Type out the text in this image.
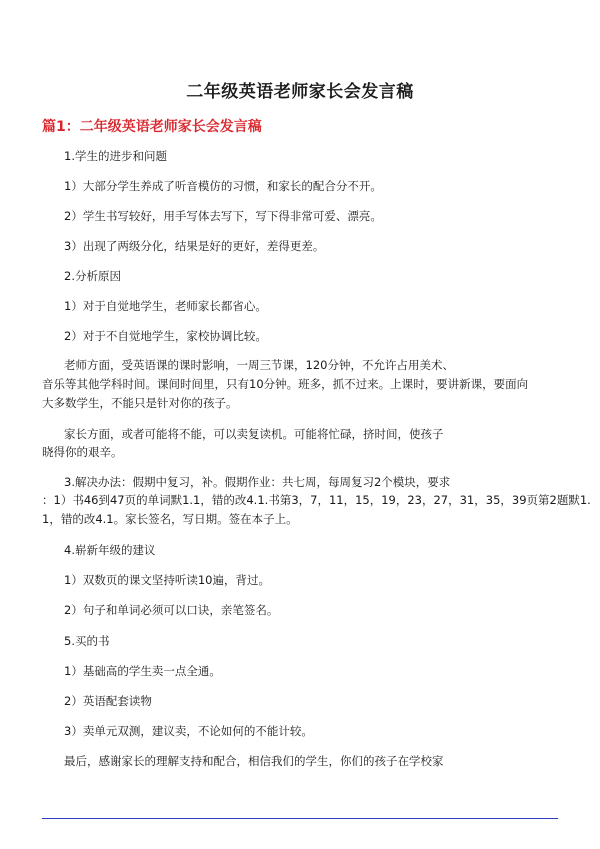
二年级英语老师家长会发言稿
篇1：二年级英语老师家长会发言稿
1.学生的进步和问题
1）大部分学生养成了听音模仿的习惯，和家长的配合分不开。
2）学生书写较好，用手写体去写下，写下得非常可爱、漂亮。
3）出现了两级分化，结果是好的更好，差得更差。
2.分析原因
1）对于自觉地学生，老师家长都省心。
2）对于不自觉地学生，家校协调比较。
老师方面，受英语课的课时影响，一周三节课，120分钟，不允许占用美术、
音乐等其他学科时间。课间时间里，只有10分钟。班多，抓不过来。上课时，要讲新课，要面向
大多数学生，不能只是针对你的孩子。
家长方面，或者可能将不能，可以卖复读机。可能将忙碌，挤时间，使孩子
晓得你的艰辛。
3.解决办法：假期中复习，补。假期作业：共七周，每周复习2个模块，要求
：1）书46到47页的单词默1.1，错的改4.1.书第3，7，11，15，19，23，27，31，35，39页第2题默1.
1，错的改4.1。家长签名，写日期。签在本子上。
4.崭新年级的建议
1）双数页的课文坚持听读10遍，背过。
2）句子和单词必须可以口诀，亲笔签名。
5.买的书
1）基础高的学生卖一点全通。
2）英语配套读物
3）卖单元双测，建议卖，不论如何的不能计较。
最后，感谢家长的理解支持和配合，相信我们的学生，你们的孩子在学校家
